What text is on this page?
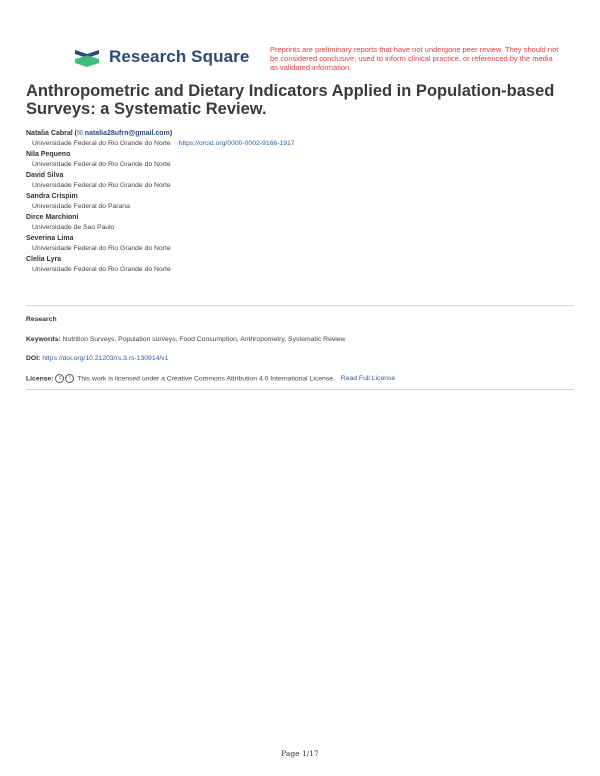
Research Square	Preprints are preliminary reports that have not undergone peer review. They should not be considered conclusive, used to inform clinical practice, or referenced by the media as validated information.
Anthropometric and Dietary Indicators Applied in Population-based Surveys: a Systematic Review.
Natalia Cabral (✉ natalia28ufrn@gmail.com)
Universidade Federal do Rio Grande do Norte https://orcid.org/0000-0002-9166-1917
Nila Pequeno
Universidade Federal do Rio Grande do Norte
David Silva
Universidade Federal do Rio Grande do Norte
Sandra Crispim
Universidade Federal do Parana
Dirce Marchioni
Universidade de Sao Paulo
Severina Lima
Universidade Federal do Rio Grande do Norte
Clelia Lyra
Universidade Federal do Rio Grande do Norte
Research
Keywords: Nutrition Surveys, Population surveys, Food Consumption, Anthropometry, Systematic Review
DOI: https://doi.org/10.21203/rs.3.rs-130914/v1
License: c i This work is licensed under a Creative Commons Attribution 4.0 International License. Read Full License
Page 1/17
